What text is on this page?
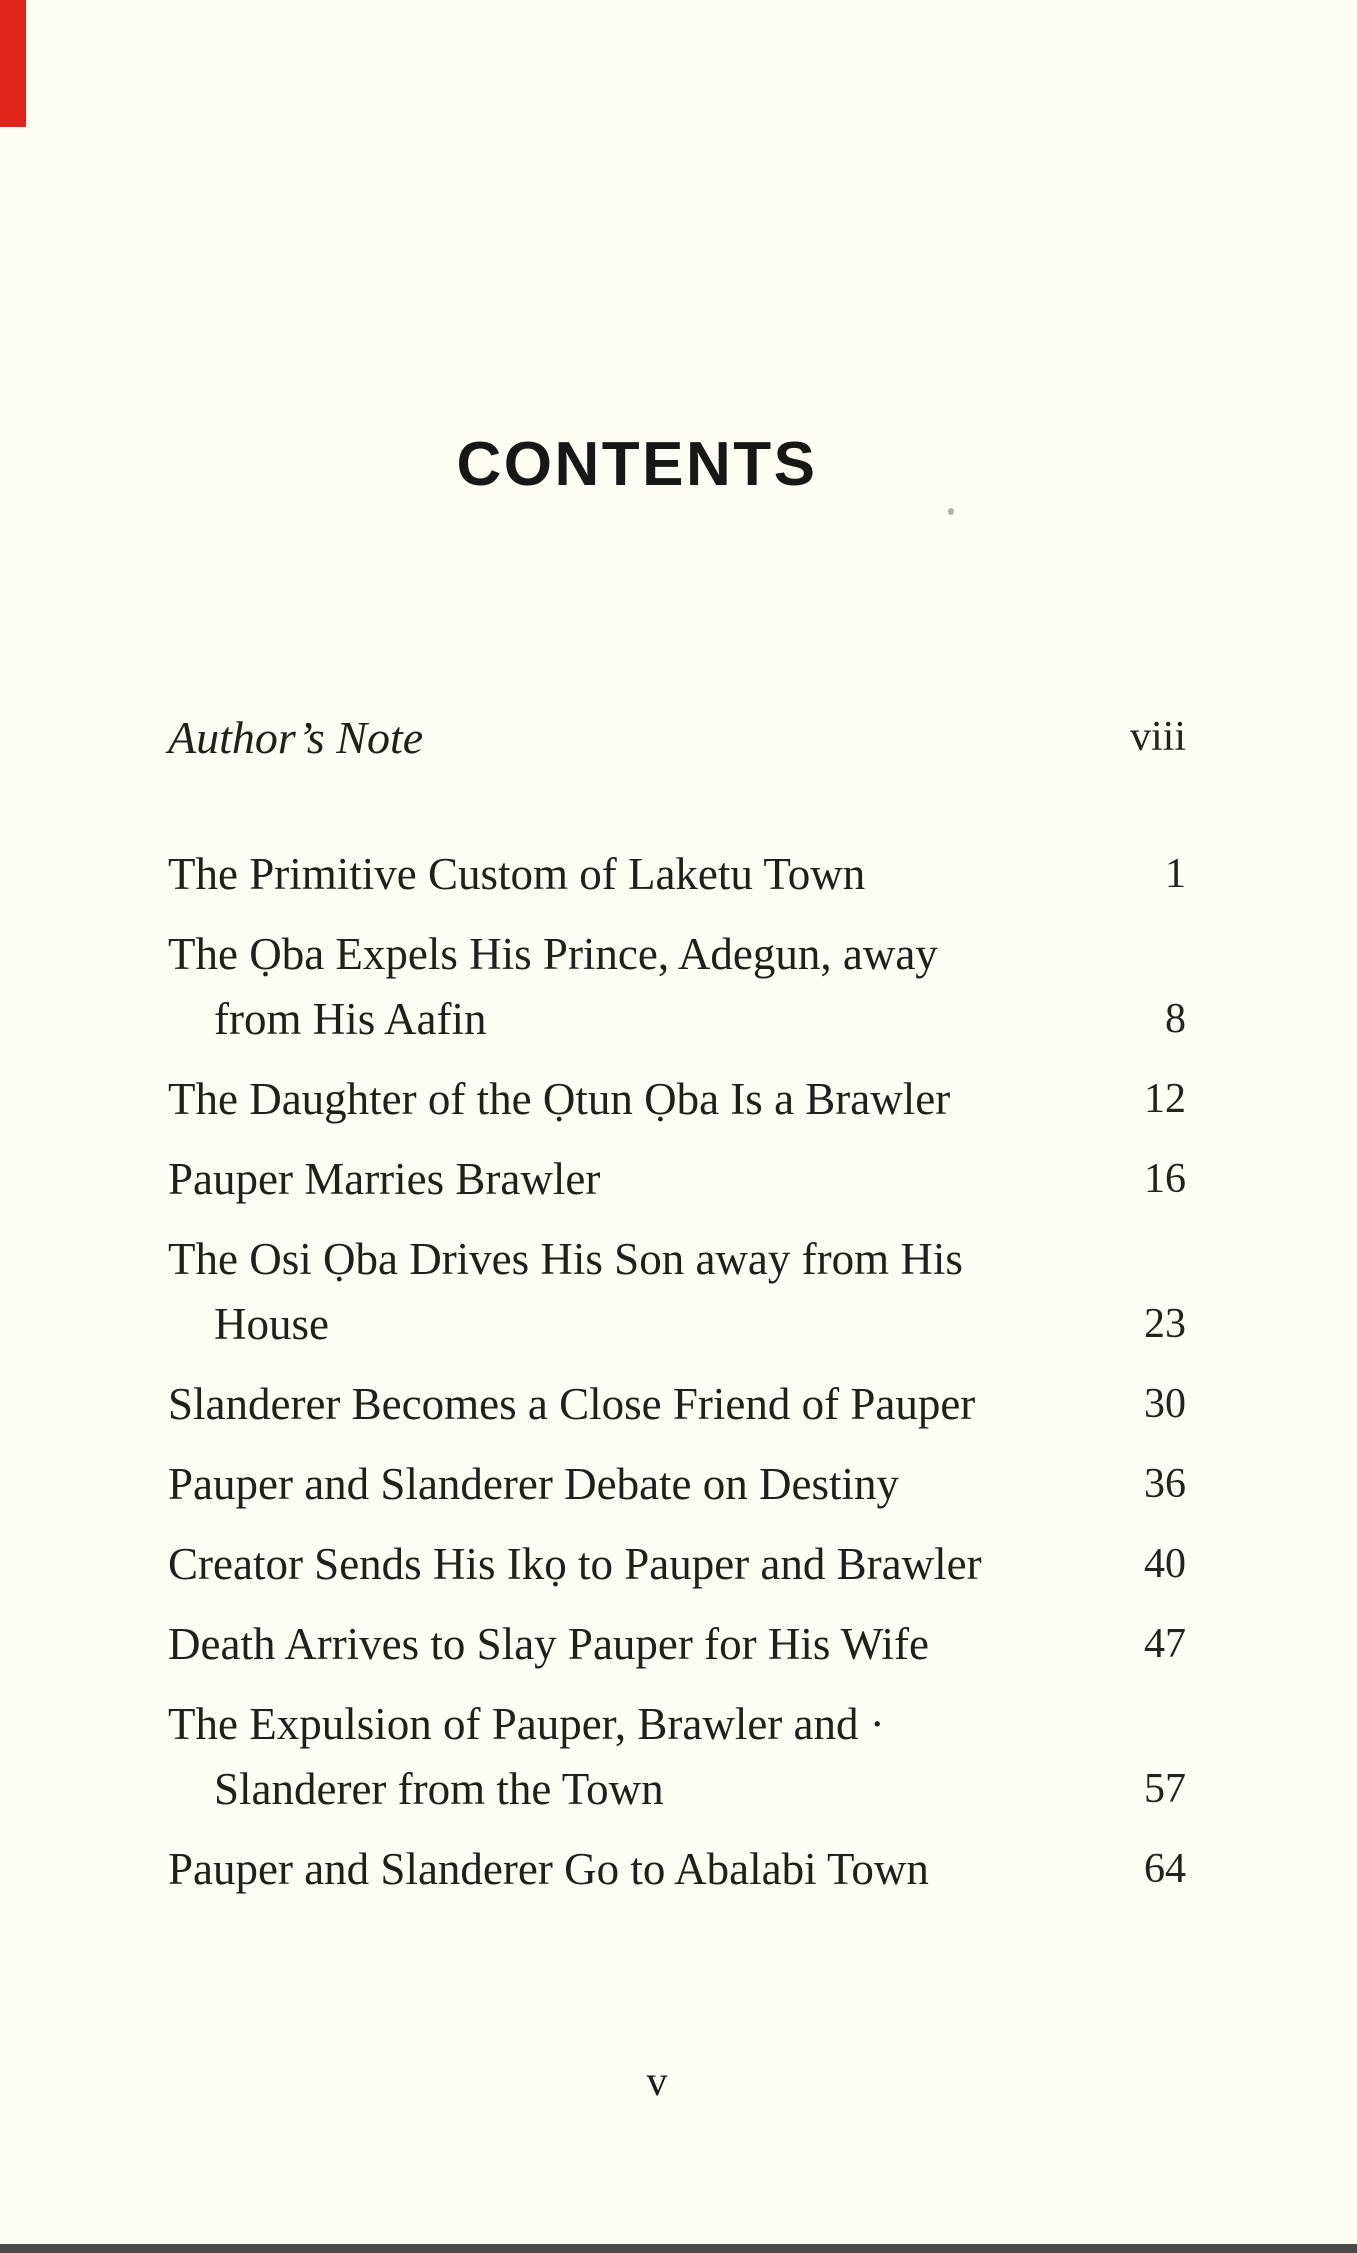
CONTENTS
Author’s Note	viii
The Primitive Custom of Laketu Town	1
The Ọba Expels His Prince, Adegun, away
from His Aafin	8
The Daughter of the Ọtun Ọba Is a Brawler	12
Pauper Marries Brawler	16
The Osi Ọba Drives His Son away from His
House	23
Slanderer Becomes a Close Friend of Pauper	30
Pauper and Slanderer Debate on Destiny	36
Creator Sends His Ikọ to Pauper and Brawler	40
Death Arrives to Slay Pauper for His Wife	47
The Expulsion of Pauper, Brawler and ·
Slanderer from the Town	57
Pauper and Slanderer Go to Abalabi Town	64
v
